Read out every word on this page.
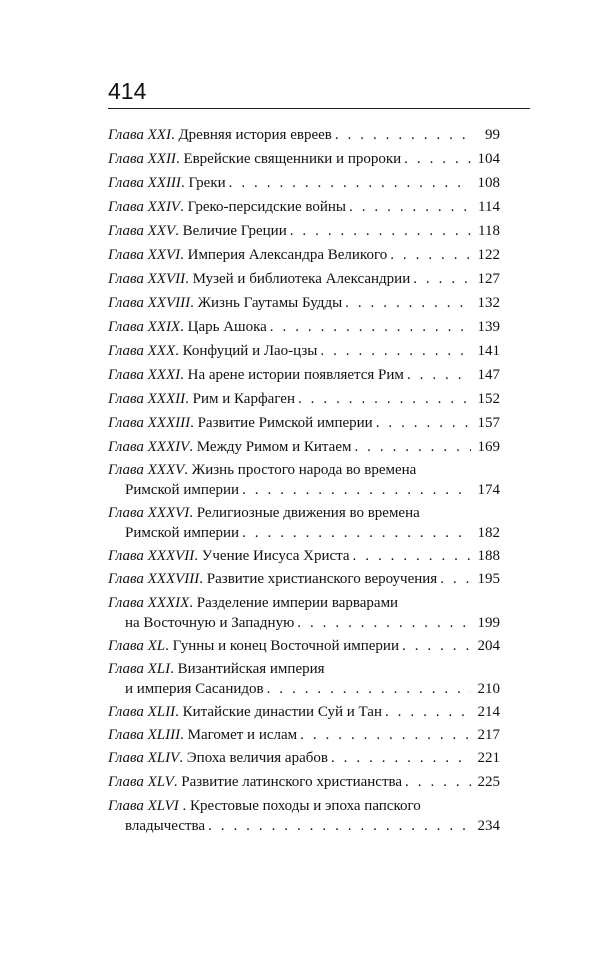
414
Глава XXI. Древняя история евреев . . .	99
Глава XXII. Еврейские священники и пророки . . .	104
Глава XXIII. Греки . . .	108
Глава XXIV. Греко-персидские войны . . .	114
Глава XXV. Величие Греции . . .	118
Глава XXVI. Империя Александра Великого . . .	122
Глава XXVII. Музей и библиотека Александрии . . .	127
Глава XXVIII. Жизнь Гаутамы Будды . . .	132
Глава XXIX. Царь Ашока . . .	139
Глава XXX. Конфуций и Лао-цзы . . .	141
Глава XXXI. На арене истории появляется Рим . . .	147
Глава XXXII. Рим и Карфаген . . .	152
Глава XXXIII. Развитие Римской империи . . .	157
Глава XXXIV. Между Римом и Китаем . . .	169
Глава XXXV. Жизнь простого народа во времена
Римской империи . . .	174
Глава XXXVI. Религиозные движения во времена
Римской империи . . .	182
Глава XXXVII. Учение Иисуса Христа . . .	188
Глава XXXVIII. Развитие христианского вероучения . . .	195
Глава XXXIX. Разделение империи варварами
на Восточную и Западную . . .	199
Глава XL. Гунны и конец Восточной империи . . .	204
Глава XLI. Византийская империя
и империя Сасанидов . . .	210
Глава XLII. Китайские династии Суй и Тан . . .	214
Глава XLIII. Магомет и ислам . . .	217
Глава XLIV. Эпоха величия арабов . . .	221
Глава XLV. Развитие латинского христианства . . .	225
Глава XLVI . Крестовые походы и эпоха папского
владычества . . .	234
